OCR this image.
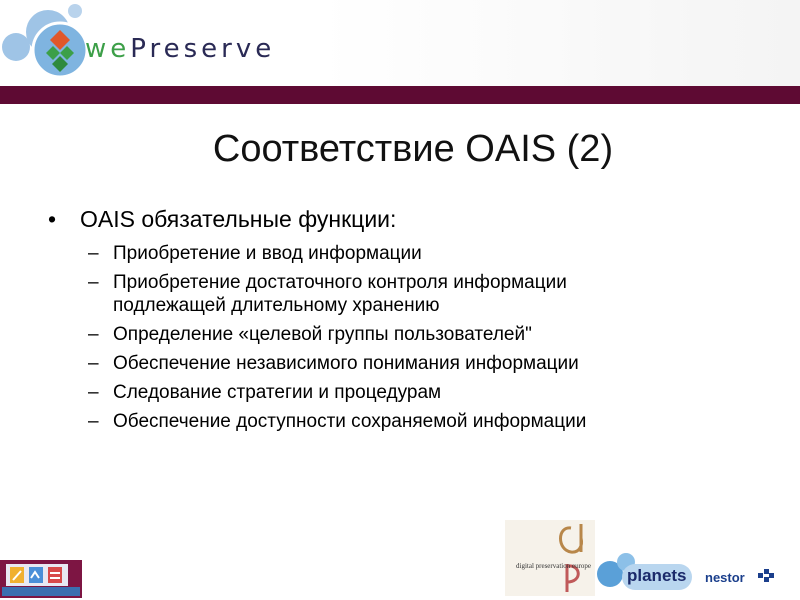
wePreserve
Соответствие OAIS (2)
•	OAIS обязательные функции:
– Приобретение и ввод информации
– Приобретение достаточного контроля информации подлежащей длительному хранению
– Определение «целевой группы пользователей"
– Обеспечение независимого понимания информации
– Следование стратегии и процедурам
– Обеспечение доступности сохраняемой информации
digital preservation europe planets nestor
